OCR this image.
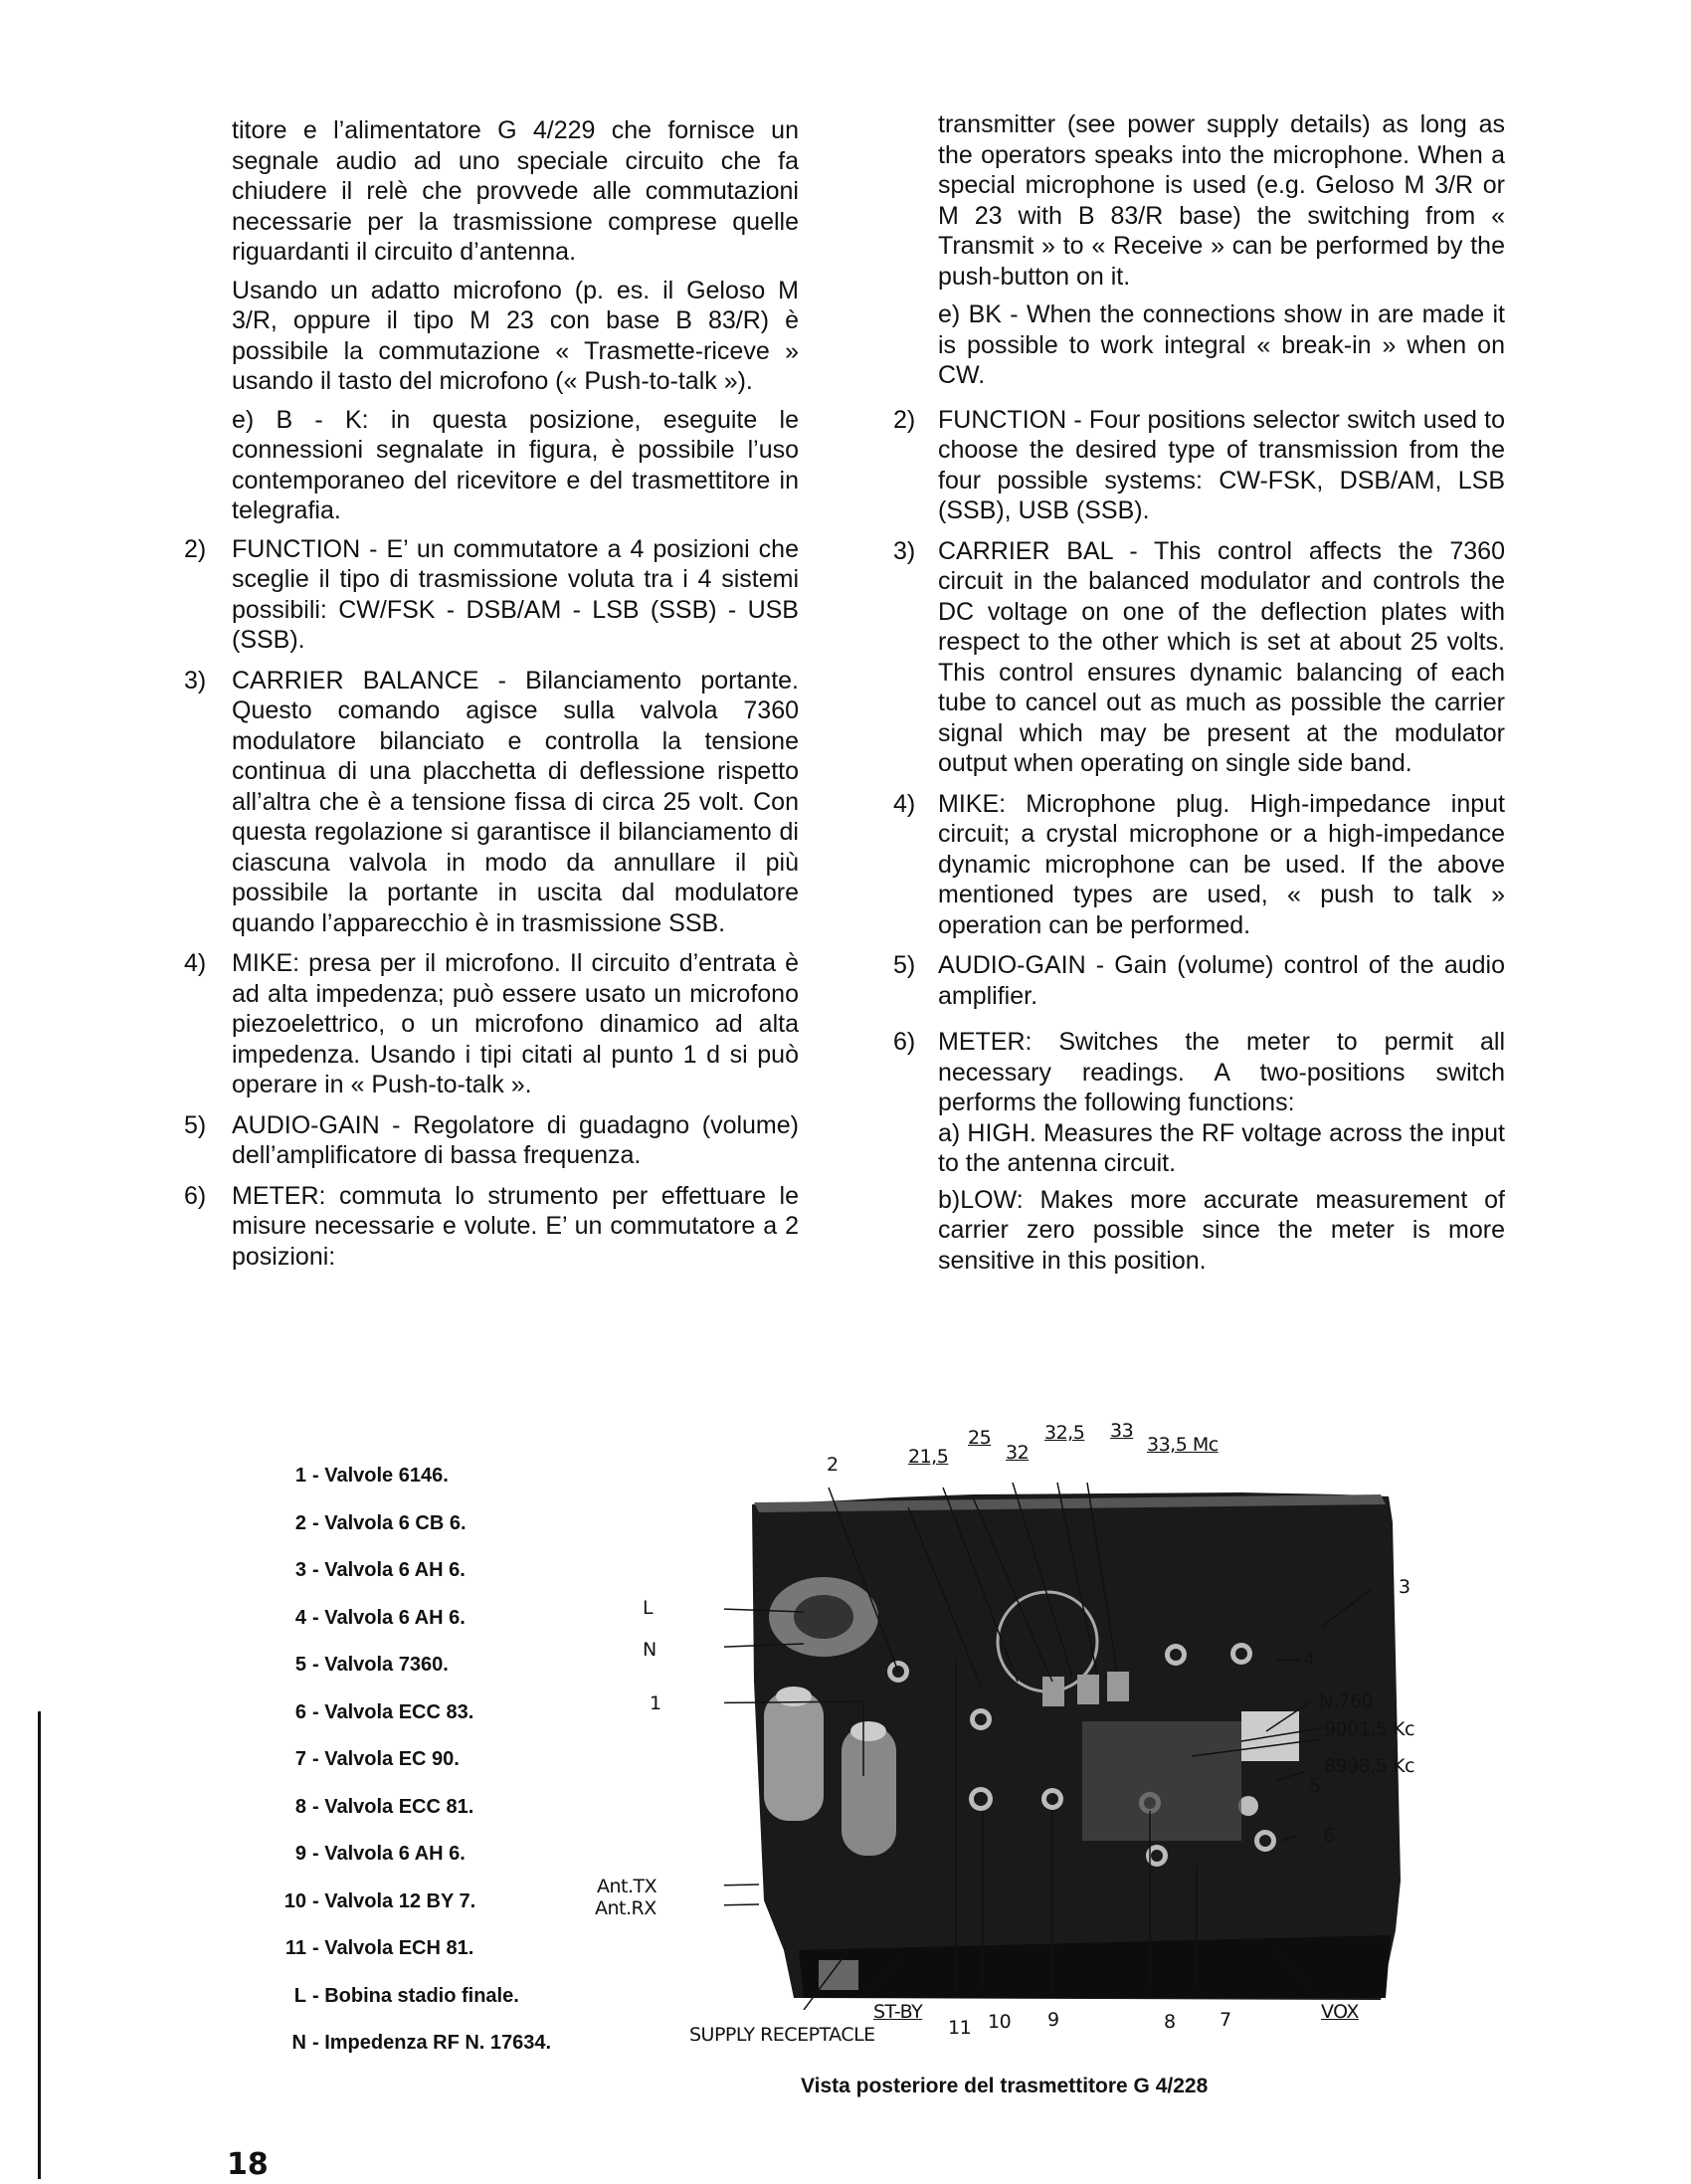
titore e l’alimentatore G 4/229 che fornisce un segnale audio ad uno speciale circuito che fa chiudere il relè che provvede alle commutazioni necessarie per la trasmissione comprese quelle riguardanti il circuito d’antenna.

Usando un adatto microfono (p. es. il Geloso M 3/R, oppure il tipo M 23 con base B 83/R) è possibile la commutazione « Trasmette-riceve » usando il tasto del microfono (« Push-to-talk »).

e) B - K: in questa posizione, eseguite le connessioni segnalate in figura, è possibile l’uso contemporaneo del ricevitore e del trasmettitore in telegrafia.

2) FUNCTION - E’ un commutatore a 4 posizioni che sceglie il tipo di trasmissione voluta tra i 4 sistemi possibili: CW/FSK - DSB/AM - LSB (SSB) - USB (SSB).
3) CARRIER BALANCE - Bilanciamento portante. Questo comando agisce sulla valvola 7360 modulatore bilanciato e controlla la tensione continua di una placchetta di deflessione rispetto all’altra che è a tensione fissa di circa 25 volt. Con questa regolazione si garantisce il bilanciamento di ciascuna valvola in modo da annullare il più possibile la portante in uscita dal modulatore quando l’apparecchio è in trasmissione SSB.
4) MIKE: presa per il microfono. Il circuito d’entrata è ad alta impedenza; può essere usato un microfono piezoelettrico, o un microfono dinamico ad alta impedenza. Usando i tipi citati al punto 1 d si può operare in « Push-to-talk ».
5) AUDIO-GAIN - Regolatore di guadagno (volume) dell’amplificatore di bassa frequenza.
6) METER: commuta lo strumento per effettuare le misure necessarie e volute. E’ un commutatore a 2 posizioni:

transmitter (see power supply details) as long as the operators speaks into the microphone. When a special microphone is used (e.g. Geloso M 3/R or M 23 with B 83/R base) the switching from « Transmit » to « Receive » can be performed by the push-button on it.

e) BK - When the connections show in are made it is possible to work integral « break-in » when on CW.

2) FUNCTION - Four positions selector switch used to choose the desired type of transmission from the four possible systems: CW-FSK, DSB/AM, LSB (SSB), USB (SSB).
3) CARRIER BAL - This control affects the 7360 circuit in the balanced modulator and controls the DC voltage on one of the deflection plates with respect to the other which is set at about 25 volts. This control ensures dynamic balancing of each tube to cancel out as much as possible the carrier signal which may be present at the modulator output when operating on single side band.
4) MIKE: Microphone plug. High-impedance input circuit; a crystal microphone or a high-impedance dynamic microphone can be used. If the above mentioned types are used, « push to talk » operation can be performed.
5) AUDIO-GAIN - Gain (volume) control of the audio amplifier.
6) METER: Switches the meter to permit all necessary readings. A two-positions switch performs the following functions:
a) HIGH. Measures the RF voltage across the input to the antenna circuit.
b)LOW: Makes more accurate measurement of carrier zero possible since the meter is more sensitive in this position.
1 - Valvole 6146.
2 - Valvola 6 CB 6.
3 - Valvola 6 AH 6.
4 - Valvola 6 AH 6.
5 - Valvola 7360.
6 - Valvola ECC 83.
7 - Valvola EC 90.
8 - Valvola ECC 81.
9 - Valvola 6 AH 6.
10 - Valvola 12 BY 7.
11 - Valvola ECH 81.
L - Bobina stadio finale.
N - Impedenza RF N. 17634.
2	21,5
25
32
32,5 33
33,5 Mc
L
N
1
Ant.TX
Ant.RX
3
4
N.760
9001,5 Kc
8998,5 Kc
5
6
SUPPLY RECEPTACLE
ST-BY
11 10 9	8 7	VOX
Vista posteriore del trasmettitore G 4/228
18
